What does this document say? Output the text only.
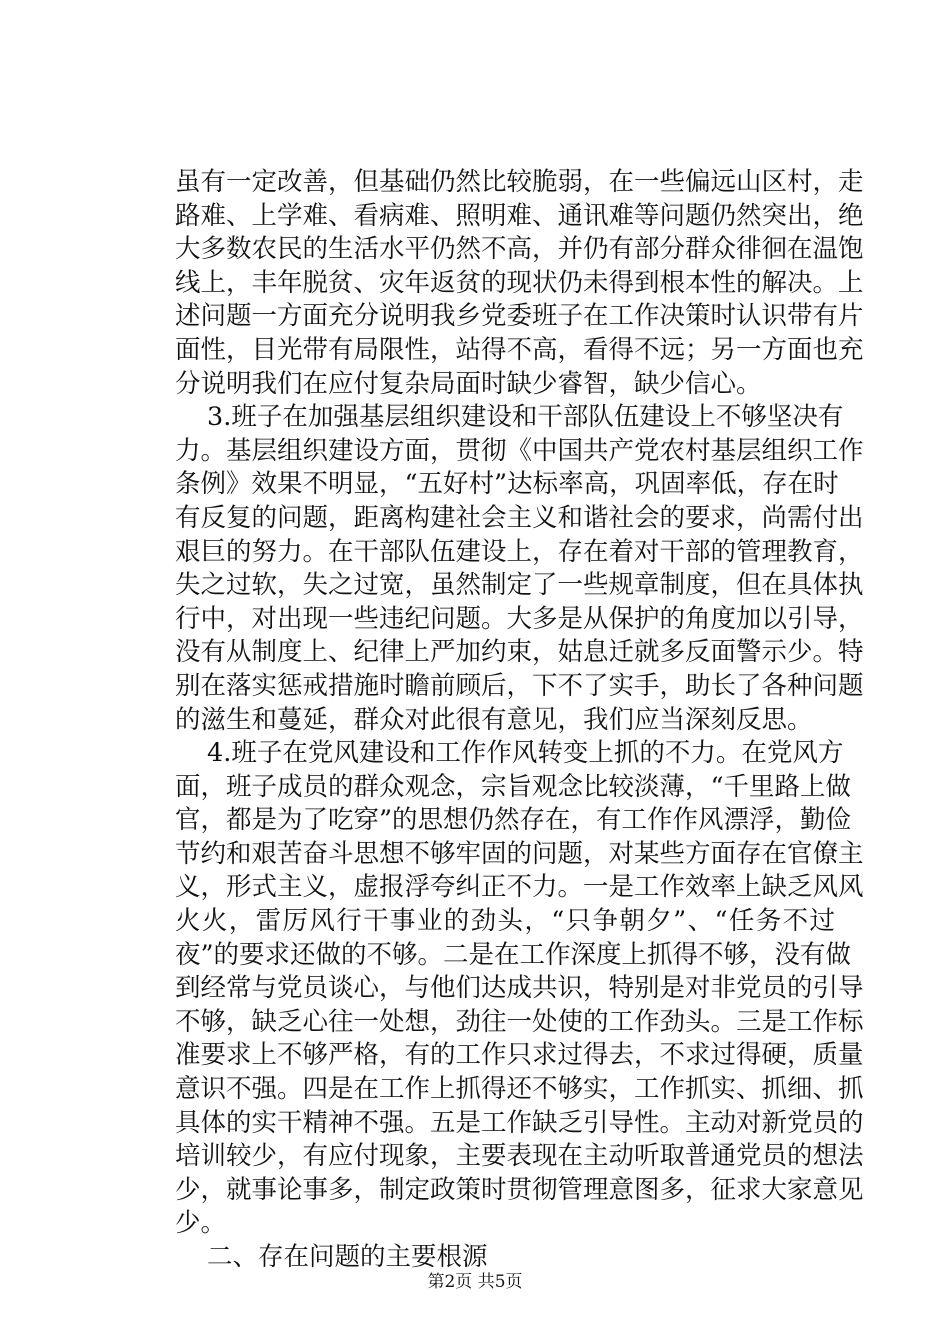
虽有一定改善，但基础仍然比较脆弱，在一些偏远山区村，走
路难、上学难、看病难、照明难、通讯难等问题仍然突出，绝
大多数农民的生活水平仍然不高，并仍有部分群众徘徊在温饱
线上，丰年脱贫、灾年返贫的现状仍未得到根本性的解决。上
述问题一方面充分说明我乡党委班子在工作决策时认识带有片
面性，目光带有局限性，站得不高，看得不远；另一方面也充
分说明我们在应付复杂局面时缺少睿智，缺少信心。
3.班子在加强基层组织建设和干部队伍建设上不够坚决有
力。基层组织建设方面，贯彻《中国共产党农村基层组织工作
条例》效果不明显，“五好村”达标率高，巩固率低，存在时
有反复的问题，距离构建社会主义和谐社会的要求，尚需付出
艰巨的努力。在干部队伍建设上，存在着对干部的管理教育，
失之过软，失之过宽，虽然制定了一些规章制度，但在具体执
行中，对出现一些违纪问题。大多是从保护的角度加以引导，
没有从制度上、纪律上严加约束，姑息迁就多反面警示少。特
别在落实惩戒措施时瞻前顾后，下不了实手，助长了各种问题
的滋生和蔓延，群众对此很有意见，我们应当深刻反思。
4.班子在党风建设和工作作风转变上抓的不力。在党风方
面，班子成员的群众观念，宗旨观念比较淡薄，“千里路上做
官，都是为了吃穿”的思想仍然存在，有工作作风漂浮，勤俭
节约和艰苦奋斗思想不够牢固的问题，对某些方面存在官僚主
义，形式主义，虚报浮夸纠正不力。一是工作效率上缺乏风风
火火，雷厉风行干事业的劲头，“只争朝夕”、“任务不过
夜”的要求还做的不够。二是在工作深度上抓得不够，没有做
到经常与党员谈心，与他们达成共识，特别是对非党员的引导
不够，缺乏心往一处想，劲往一处使的工作劲头。三是工作标
准要求上不够严格，有的工作只求过得去，不求过得硬，质量
意识不强。四是在工作上抓得还不够实，工作抓实、抓细、抓
具体的实干精神不强。五是工作缺乏引导性。主动对新党员的
培训较少，有应付现象，主要表现在主动听取普通党员的想法
少，就事论事多，制定政策时贯彻管理意图多，征求大家意见
少。
二、存在问题的主要根源
第2页 共5页
